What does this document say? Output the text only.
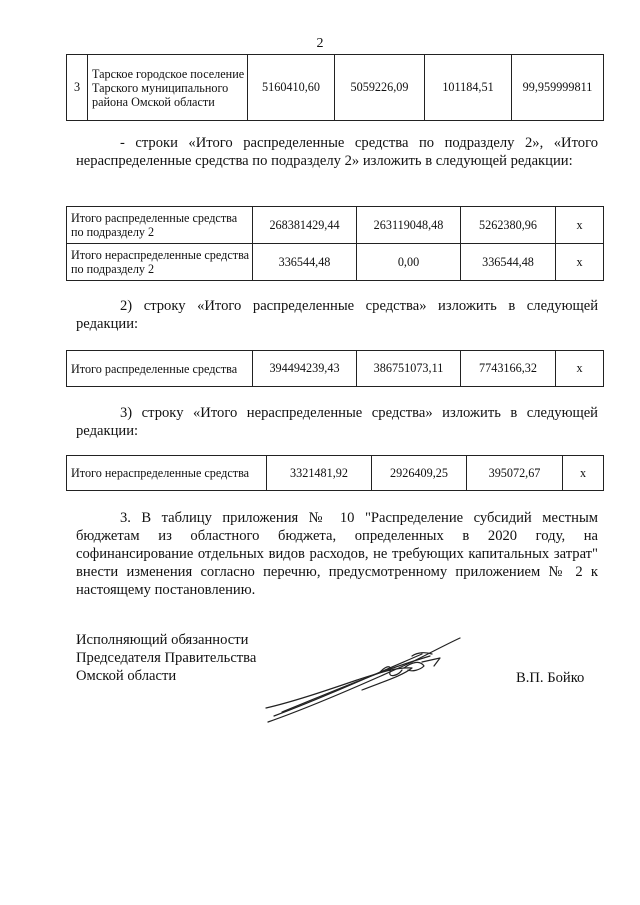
2
3	Тарское городское поселение Тарского муниципального района Омской области	5160410,60	5059226,09	101184,51	99,959999811
- строки «Итого распределенные средства по подразделу 2», «Итого нераспределенные средства по подразделу 2» изложить в следующей редакции:
Итого распределенные средства по подразделу 2	268381429,44	263119048,48	5262380,96	x
Итого нераспределенные средства по подразделу 2	336544,48	0,00	336544,48	x
2) строку «Итого распределенные средства» изложить в следующей редакции:
Итого распределенные средства	394494239,43	386751073,11	7743166,32	x
3) строку «Итого нераспределенные средства» изложить в следующей редакции:
Итого нераспределенные средства	3321481,92	2926409,25	395072,67	x
3. В таблицу приложения № 10 "Распределение субсидий местным бюджетам из областного бюджета, определенных в 2020 году, на софинансирование отдельных видов расходов, не требующих капитальных затрат" внести изменения согласно перечню, предусмотренному приложением № 2 к настоящему постановлению.
Исполняющий обязанности
Председателя Правительства
Омской области	В.П. Бойко
